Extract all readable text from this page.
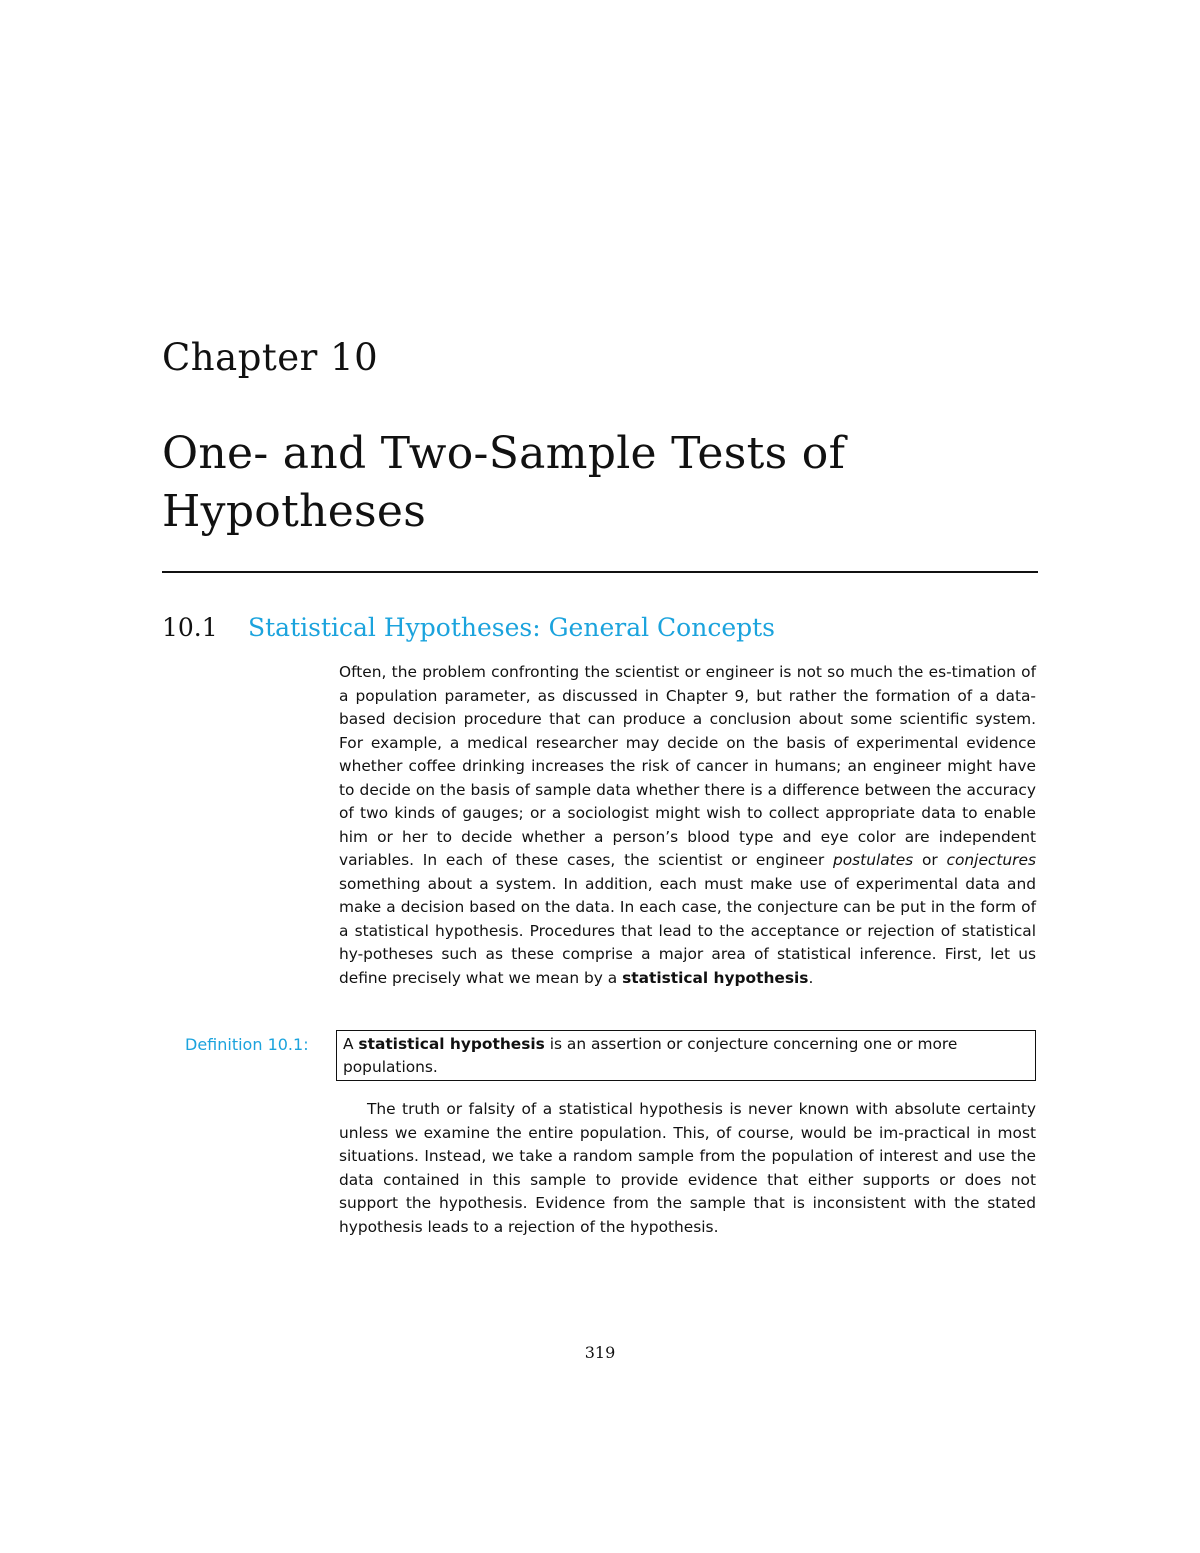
Chapter 10
One- and Two-Sample Tests of Hypotheses
10.1 Statistical Hypotheses: General Concepts
Often, the problem confronting the scientist or engineer is not so much the es-timation of a population parameter, as discussed in Chapter 9, but rather the formation of a data-based decision procedure that can produce a conclusion about some scientific system. For example, a medical researcher may decide on the basis of experimental evidence whether coffee drinking increases the risk of cancer in humans; an engineer might have to decide on the basis of sample data whether there is a difference between the accuracy of two kinds of gauges; or a sociologist might wish to collect appropriate data to enable him or her to decide whether a person’s blood type and eye color are independent variables. In each of these cases, the scientist or engineer postulates or conjectures something about a system. In addition, each must make use of experimental data and make a decision based on the data. In each case, the conjecture can be put in the form of a statistical hypothesis. Procedures that lead to the acceptance or rejection of statistical hy-potheses such as these comprise a major area of statistical inference. First, let us define precisely what we mean by a statistical hypothesis.
Definition 10.1:	A statistical hypothesis is an assertion or conjecture concerning one or more populations.
The truth or falsity of a statistical hypothesis is never known with absolute certainty unless we examine the entire population. This, of course, would be im-practical in most situations. Instead, we take a random sample from the population of interest and use the data contained in this sample to provide evidence that either supports or does not support the hypothesis. Evidence from the sample that is inconsistent with the stated hypothesis leads to a rejection of the hypothesis.
319
